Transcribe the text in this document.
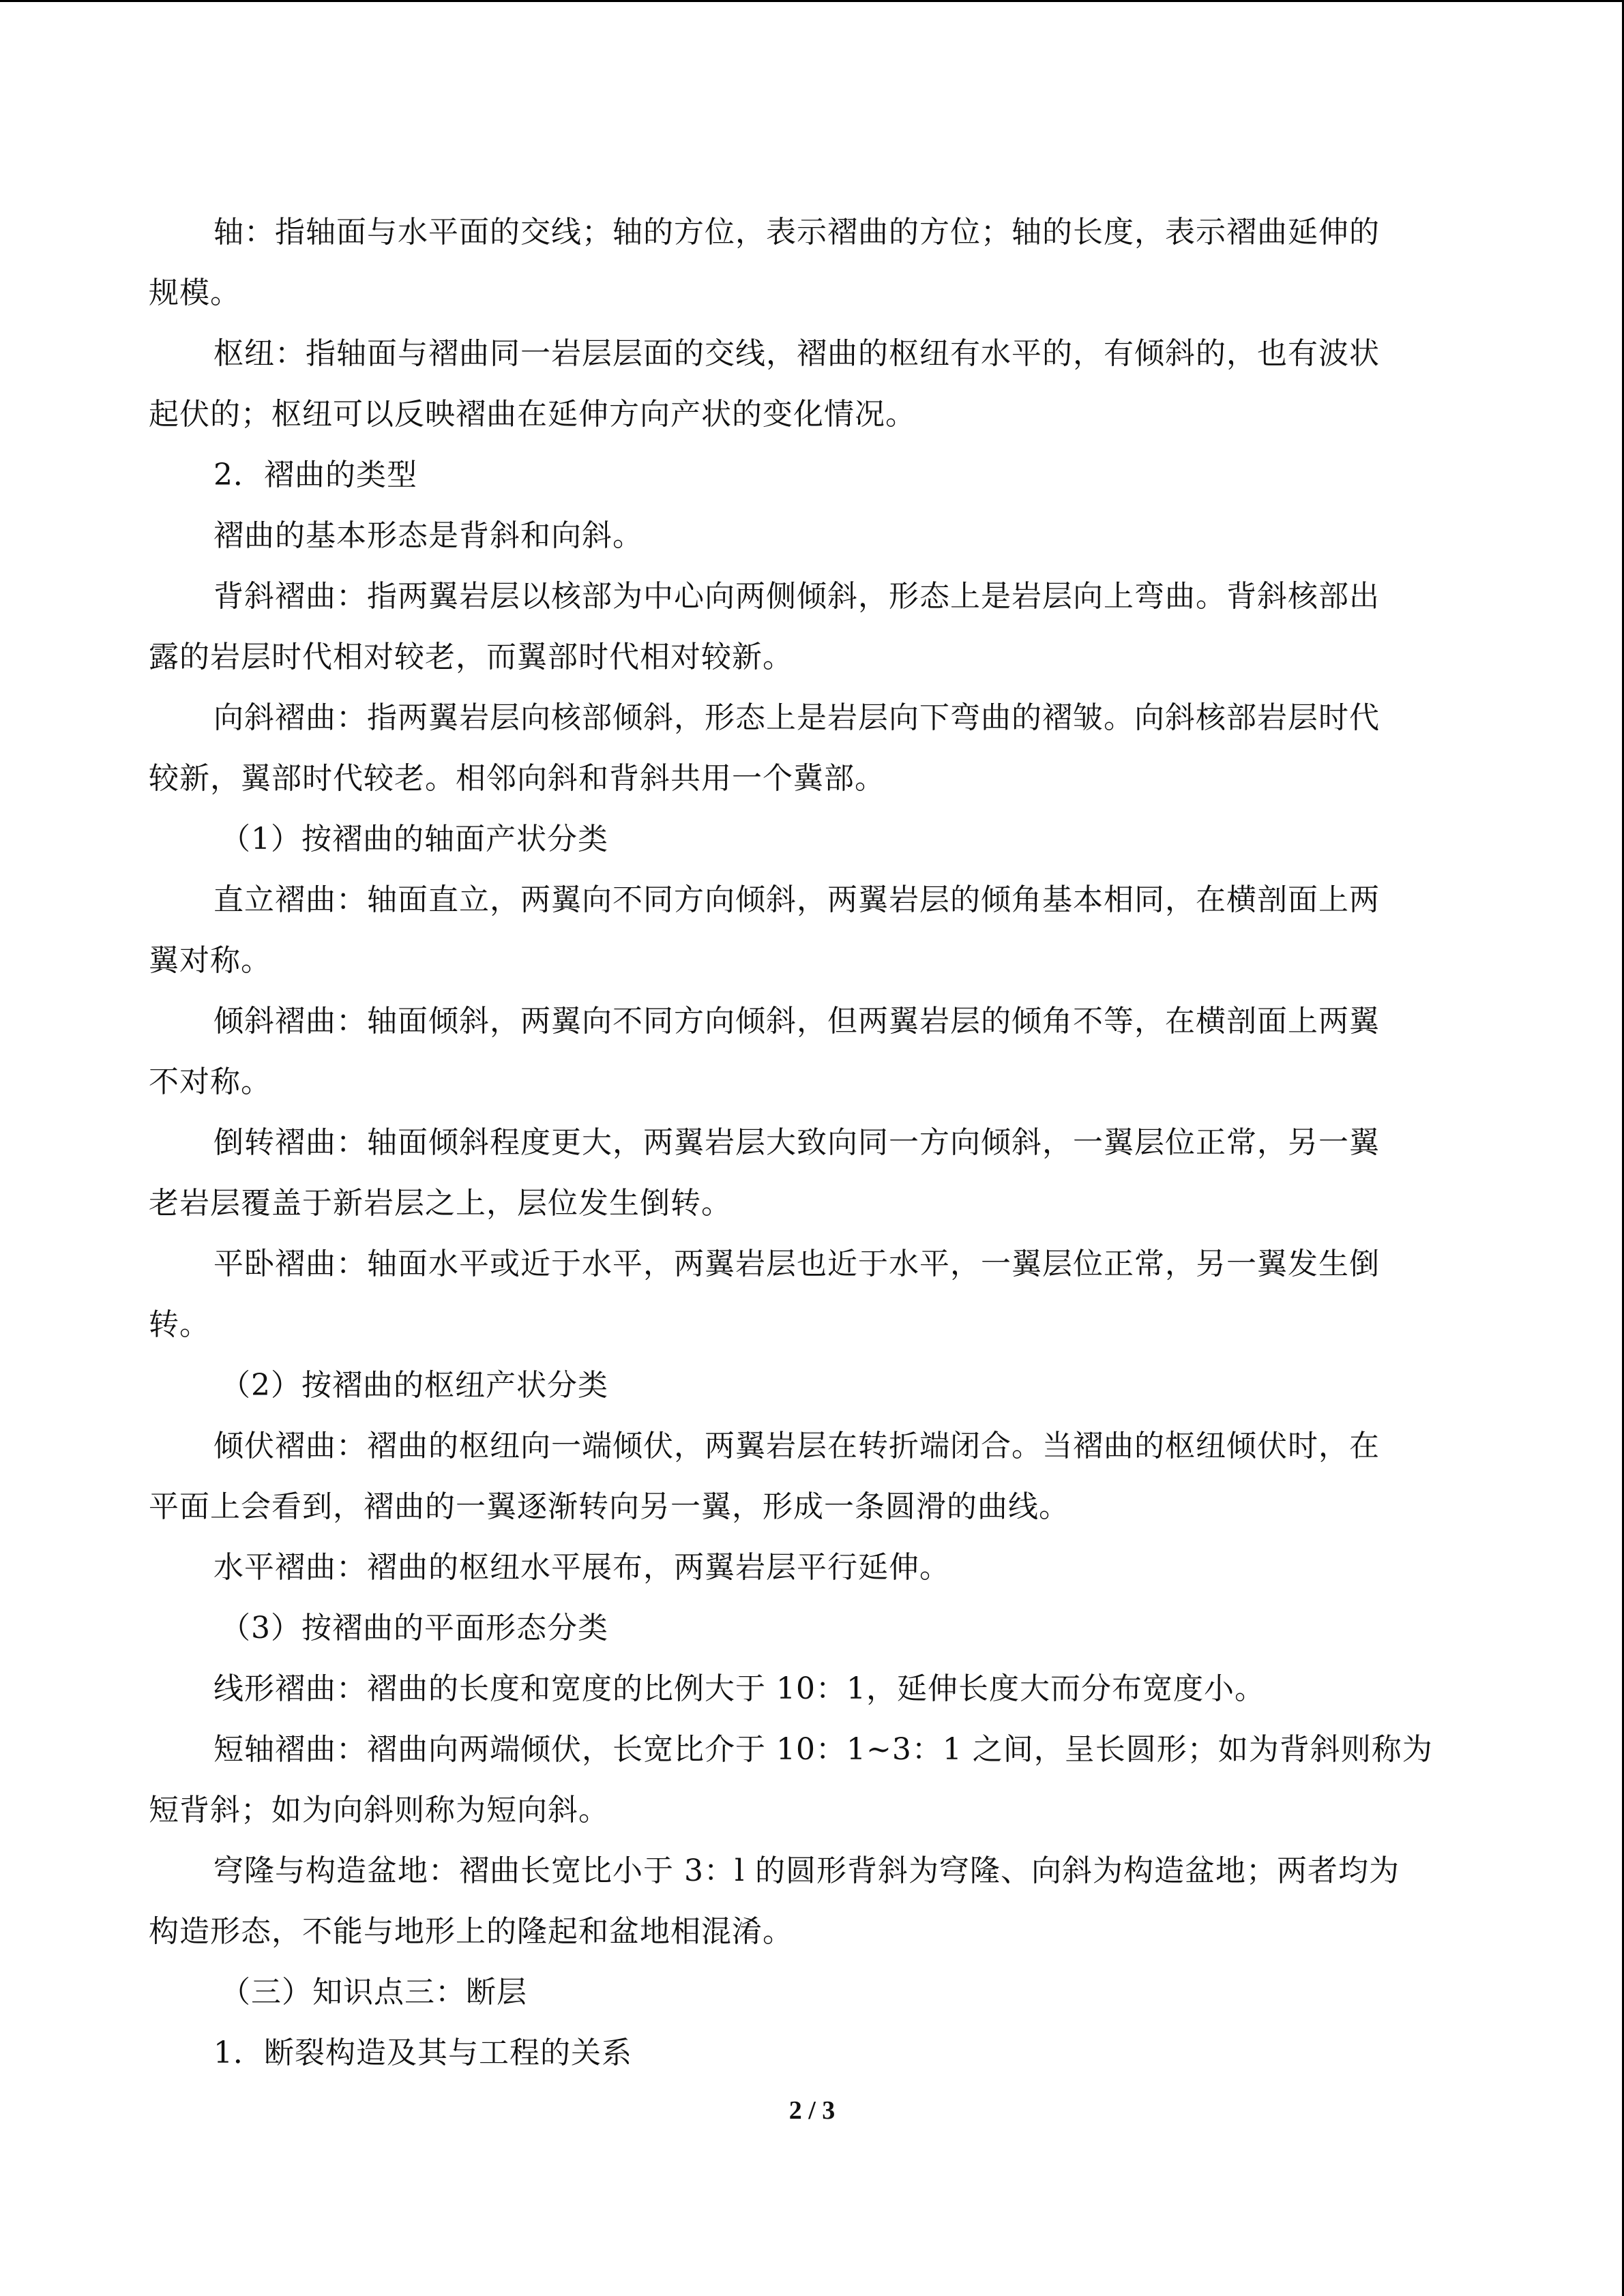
轴：指轴面与水平面的交线；轴的方位，表示褶曲的方位；轴的长度，表示褶曲延伸的
规模。
枢纽：指轴面与褶曲同一岩层层面的交线，褶曲的枢纽有水平的，有倾斜的，也有波状
起伏的；枢纽可以反映褶曲在延伸方向产状的变化情况。
2．褶曲的类型
褶曲的基本形态是背斜和向斜。
背斜褶曲：指两翼岩层以核部为中心向两侧倾斜，形态上是岩层向上弯曲。背斜核部出
露的岩层时代相对较老，而翼部时代相对较新。
向斜褶曲：指两翼岩层向核部倾斜，形态上是岩层向下弯曲的褶皱。向斜核部岩层时代
较新，翼部时代较老。相邻向斜和背斜共用一个冀部。
（1）按褶曲的轴面产状分类
直立褶曲：轴面直立，两翼向不同方向倾斜，两翼岩层的倾角基本相同，在横剖面上两
翼对称。
倾斜褶曲：轴面倾斜，两翼向不同方向倾斜，但两翼岩层的倾角不等，在横剖面上两翼
不对称。
倒转褶曲：轴面倾斜程度更大，两翼岩层大致向同一方向倾斜，一翼层位正常，另一翼
老岩层覆盖于新岩层之上，层位发生倒转。
平卧褶曲：轴面水平或近于水平，两翼岩层也近于水平，一翼层位正常，另一翼发生倒
转。
（2）按褶曲的枢纽产状分类
倾伏褶曲：褶曲的枢纽向一端倾伏，两翼岩层在转折端闭合。当褶曲的枢纽倾伏时，在
平面上会看到，褶曲的一翼逐渐转向另一翼，形成一条圆滑的曲线。
水平褶曲：褶曲的枢纽水平展布，两翼岩层平行延伸。
（3）按褶曲的平面形态分类
线形褶曲：褶曲的长度和宽度的比例大于 10：1，延伸长度大而分布宽度小。
短轴褶曲：褶曲向两端倾伏，长宽比介于 10：1~3：1 之间，呈长圆形；如为背斜则称为
短背斜；如为向斜则称为短向斜。
穹隆与构造盆地：褶曲长宽比小于 3：l 的圆形背斜为穹隆、向斜为构造盆地；两者均为
构造形态，不能与地形上的隆起和盆地相混淆。
（三）知识点三：断层
1．断裂构造及其与工程的关系
2 / 3
